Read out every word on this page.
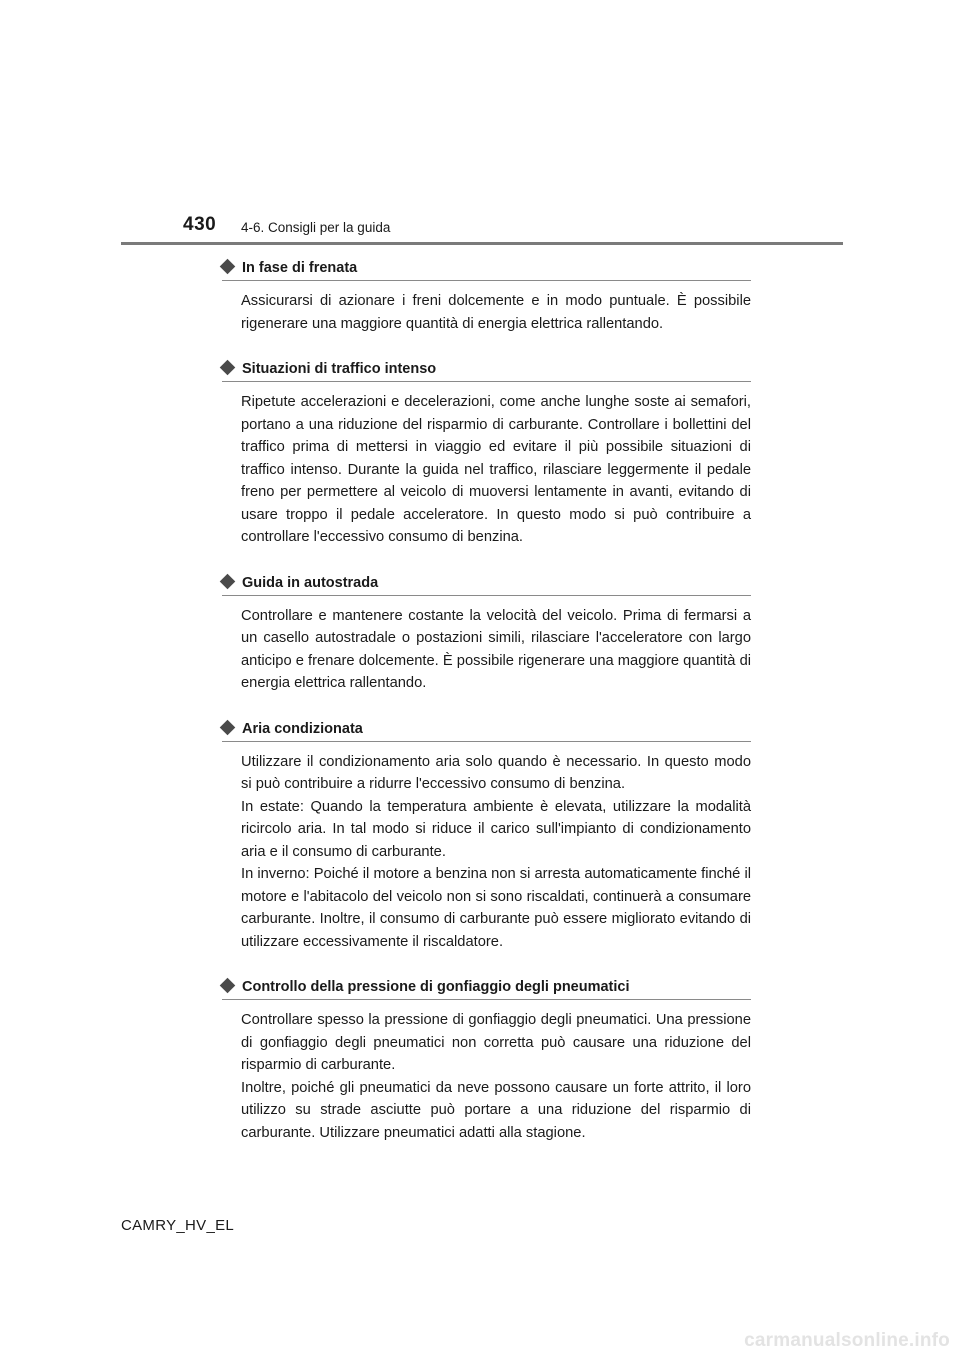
430 4-6. Consigli per la guida
In fase di frenata

Assicurarsi di azionare i freni dolcemente e in modo puntuale. È possibile rigenerare una maggiore quantità di energia elettrica rallentando.

Situazioni di traffico intenso

Ripetute accelerazioni e decelerazioni, come anche lunghe soste ai semafori, portano a una riduzione del risparmio di carburante. Controllare i bollettini del traffico prima di mettersi in viaggio ed evitare il più possibile situazioni di traffico intenso. Durante la guida nel traffico, rilasciare leggermente il pedale freno per permettere al veicolo di muoversi lentamente in avanti, evitando di usare troppo il pedale acceleratore. In questo modo si può contribuire a controllare l'eccessivo consumo di benzina.

Guida in autostrada

Controllare e mantenere costante la velocità del veicolo. Prima di fermarsi a un casello autostradale o postazioni simili, rilasciare l'acceleratore con largo anticipo e frenare dolcemente. È possibile rigenerare una maggiore quantità di energia elettrica rallentando.

Aria condizionata

Utilizzare il condizionamento aria solo quando è necessario. In questo modo si può contribuire a ridurre l'eccessivo consumo di benzina.
In estate: Quando la temperatura ambiente è elevata, utilizzare la modalità ricircolo aria. In tal modo si riduce il carico sull'impianto di condizionamento aria e il consumo di carburante.
In inverno: Poiché il motore a benzina non si arresta automaticamente finché il motore e l'abitacolo del veicolo non si sono riscaldati, continuerà a consumare carburante. Inoltre, il consumo di carburante può essere migliorato evitando di utilizzare eccessivamente il riscaldatore.

Controllo della pressione di gonfiaggio degli pneumatici

Controllare spesso la pressione di gonfiaggio degli pneumatici. Una pressione di gonfiaggio degli pneumatici non corretta può causare una riduzione del risparmio di carburante.
Inoltre, poiché gli pneumatici da neve possono causare un forte attrito, il loro utilizzo su strade asciutte può portare a una riduzione del risparmio di carburante. Utilizzare pneumatici adatti alla stagione.

CAMRY_HV_EL
carmanualsonline.info
